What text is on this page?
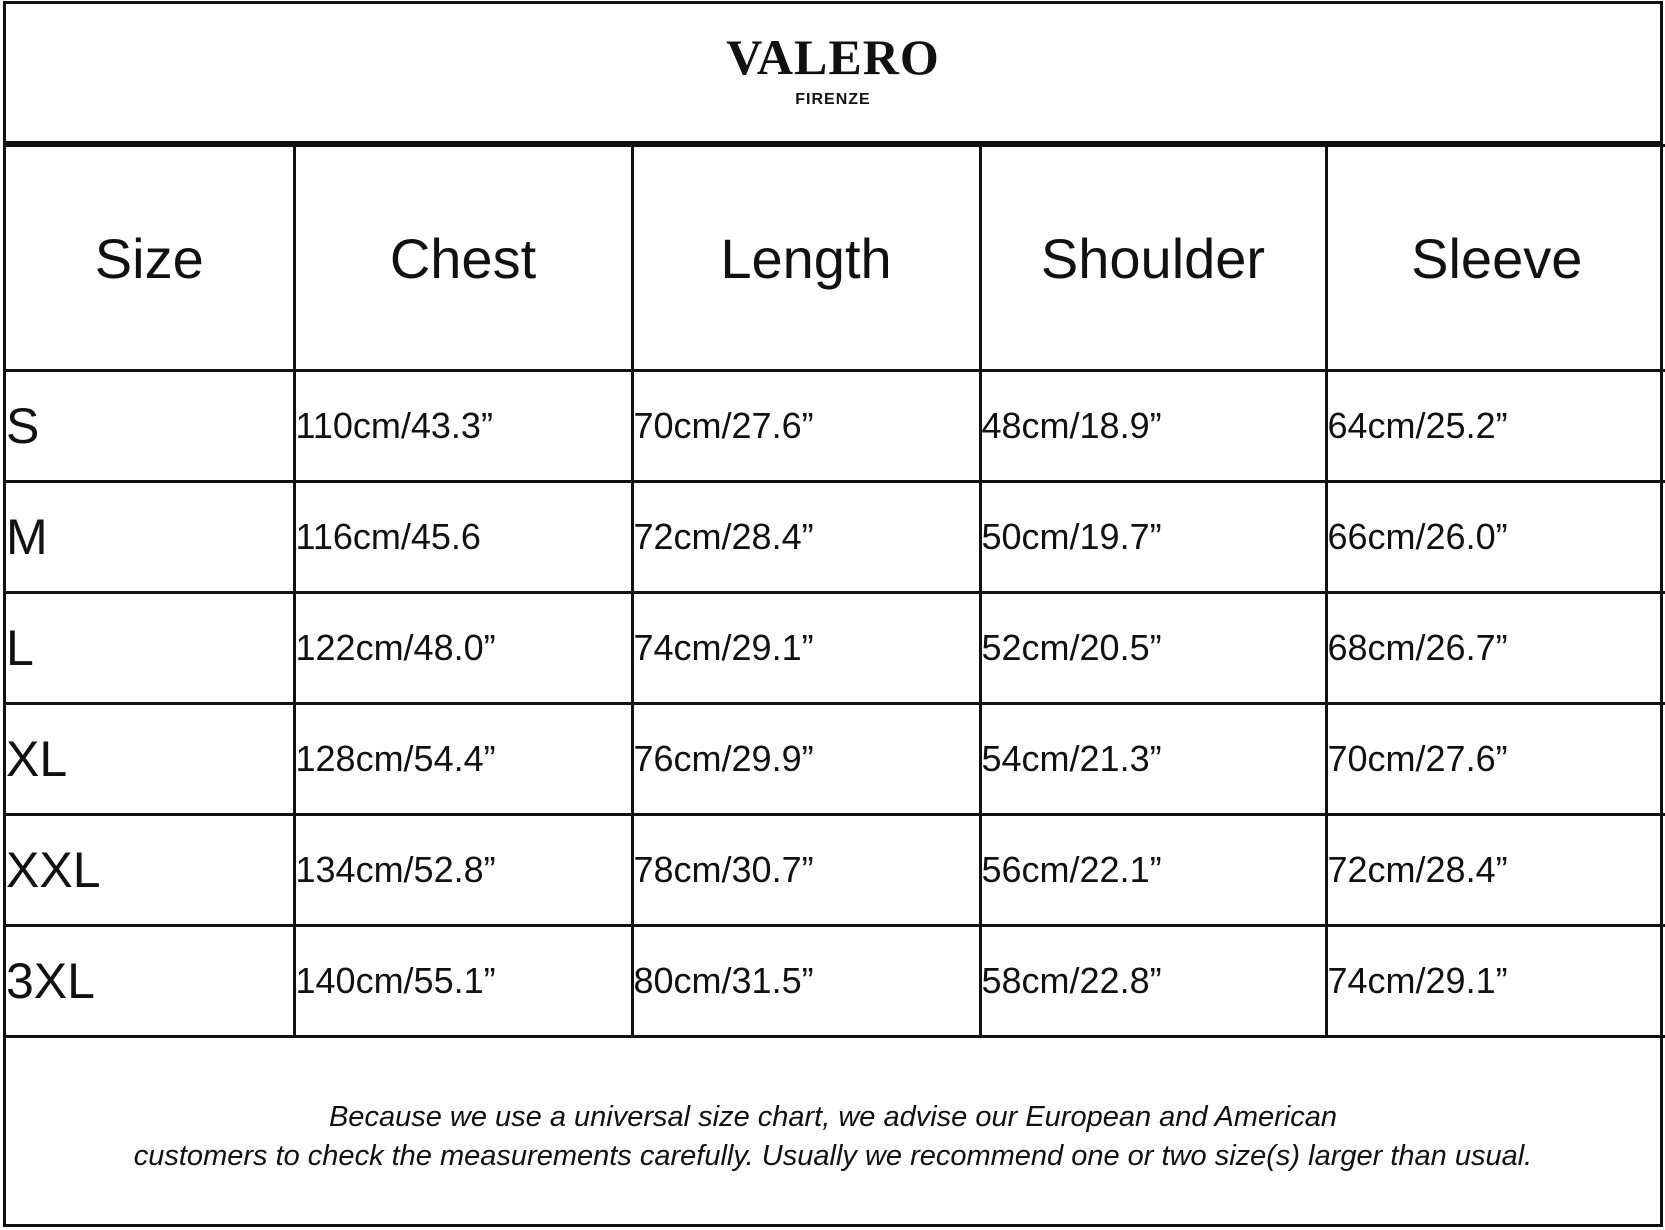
VALERO
FIRENZE
Size	Chest	Length	Shoulder	Sleeve
S	110cm/43.3”	70cm/27.6”	48cm/18.9”	64cm/25.2”
M	116cm/45.6	72cm/28.4”	50cm/19.7”	66cm/26.0”
L	122cm/48.0”	74cm/29.1”	52cm/20.5”	68cm/26.7”
XL	128cm/54.4”	76cm/29.9”	54cm/21.3”	70cm/27.6”
XXL	134cm/52.8”	78cm/30.7”	56cm/22.1”	72cm/28.4”
3XL	140cm/55.1”	80cm/31.5”	58cm/22.8”	74cm/29.1”
Because we use a universal size chart, we advise our European and American
customers to check the measurements carefully. Usually we recommend one or two size(s) larger than usual.
